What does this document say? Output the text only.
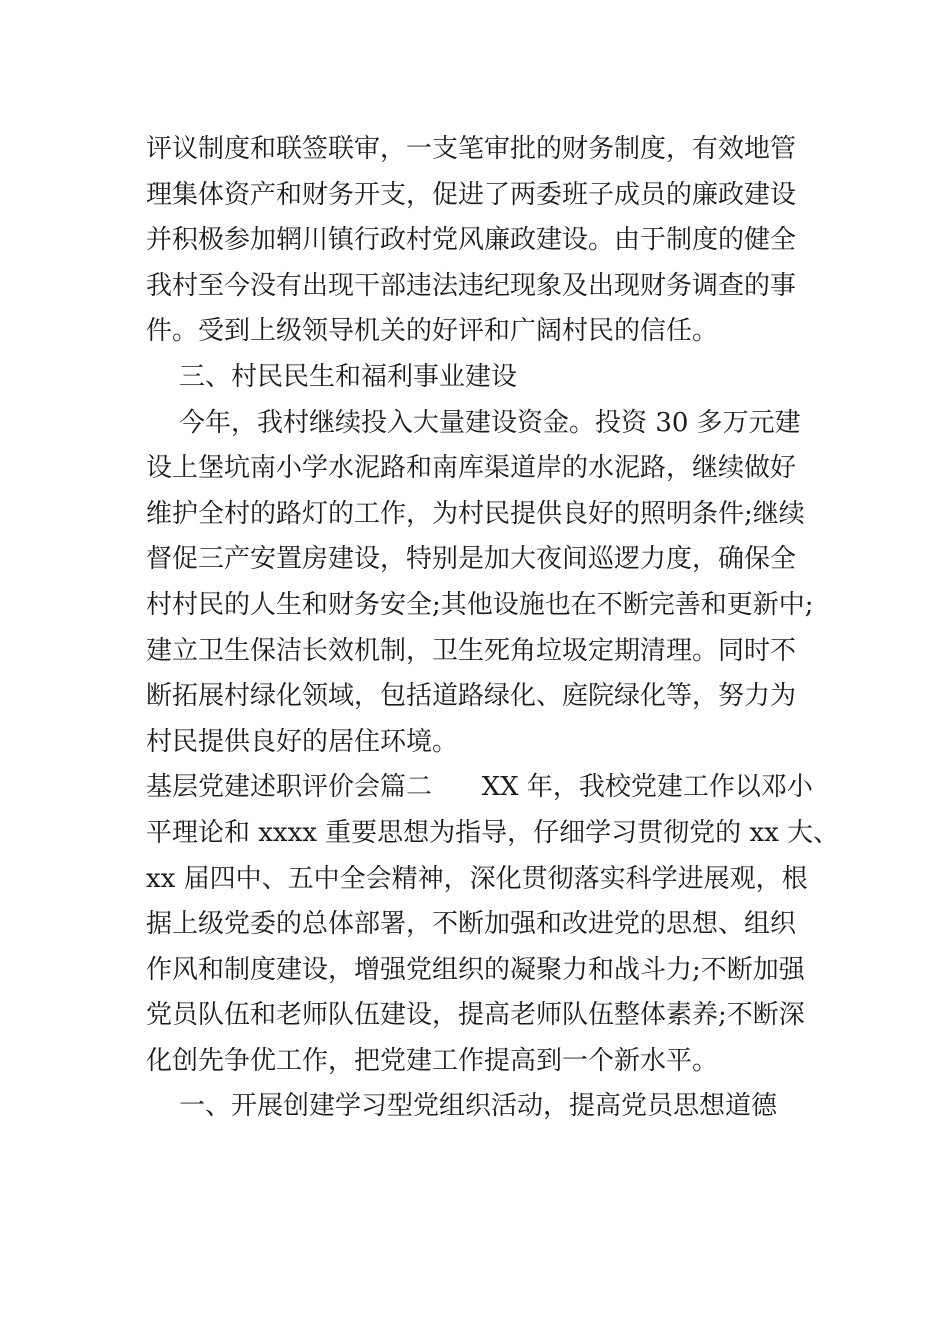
评议制度和联签联审，一支笔审批的财务制度，有效地管
理集体资产和财务开支，促进了两委班子成员的廉政建设
并积极参加辋川镇行政村党风廉政建设。由于制度的健全
我村至今没有出现干部违法违纪现象及出现财务调查的事
件。受到上级领导机关的好评和广阔村民的信任。
三、村民民生和福利事业建设
今年，我村继续投入大量建设资金。投资 30 多万元建
设上堡坑南小学水泥路和南库渠道岸的水泥路，继续做好
维护全村的路灯的工作，为村民提供良好的照明条件;继续
督促三产安置房建设，特别是加大夜间巡逻力度，确保全
村村民的人生和财务安全;其他设施也在不断完善和更新中;
建立卫生保洁长效机制，卫生死角垃圾定期清理。同时不
断拓展村绿化领域，包括道路绿化、庭院绿化等，努力为
村民提供良好的居住环境。
基层党建述职评价会篇二      XX 年，我校党建工作以邓小
平理论和 xxxx 重要思想为指导，仔细学习贯彻党的 xx 大、
xx 届四中、五中全会精神，深化贯彻落实科学进展观，根
据上级党委的总体部署，不断加强和改进党的思想、组织
作风和制度建设，增强党组织的凝聚力和战斗力;不断加强
党员队伍和老师队伍建设，提高老师队伍整体素养;不断深
化创先争优工作，把党建工作提高到一个新水平。
一、开展创建学习型党组织活动，提高党员思想道德
